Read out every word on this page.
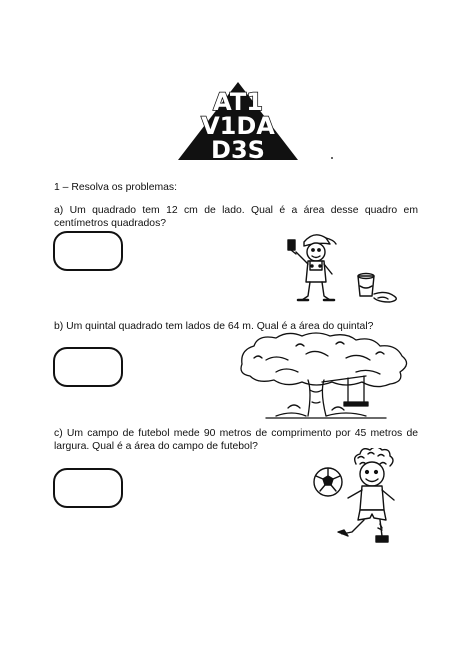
AT1
V1DA
D3S
1 – Resolva os problemas:
a) Um quadrado tem 12 cm de lado. Qual é a área desse quadro em centímetros quadrados?
b) Um quintal quadrado tem lados de 64 m. Qual é a área do quintal?
c) Um campo de futebol mede 90 metros de comprimento por 45 metros de largura. Qual é a área do campo de futebol?
